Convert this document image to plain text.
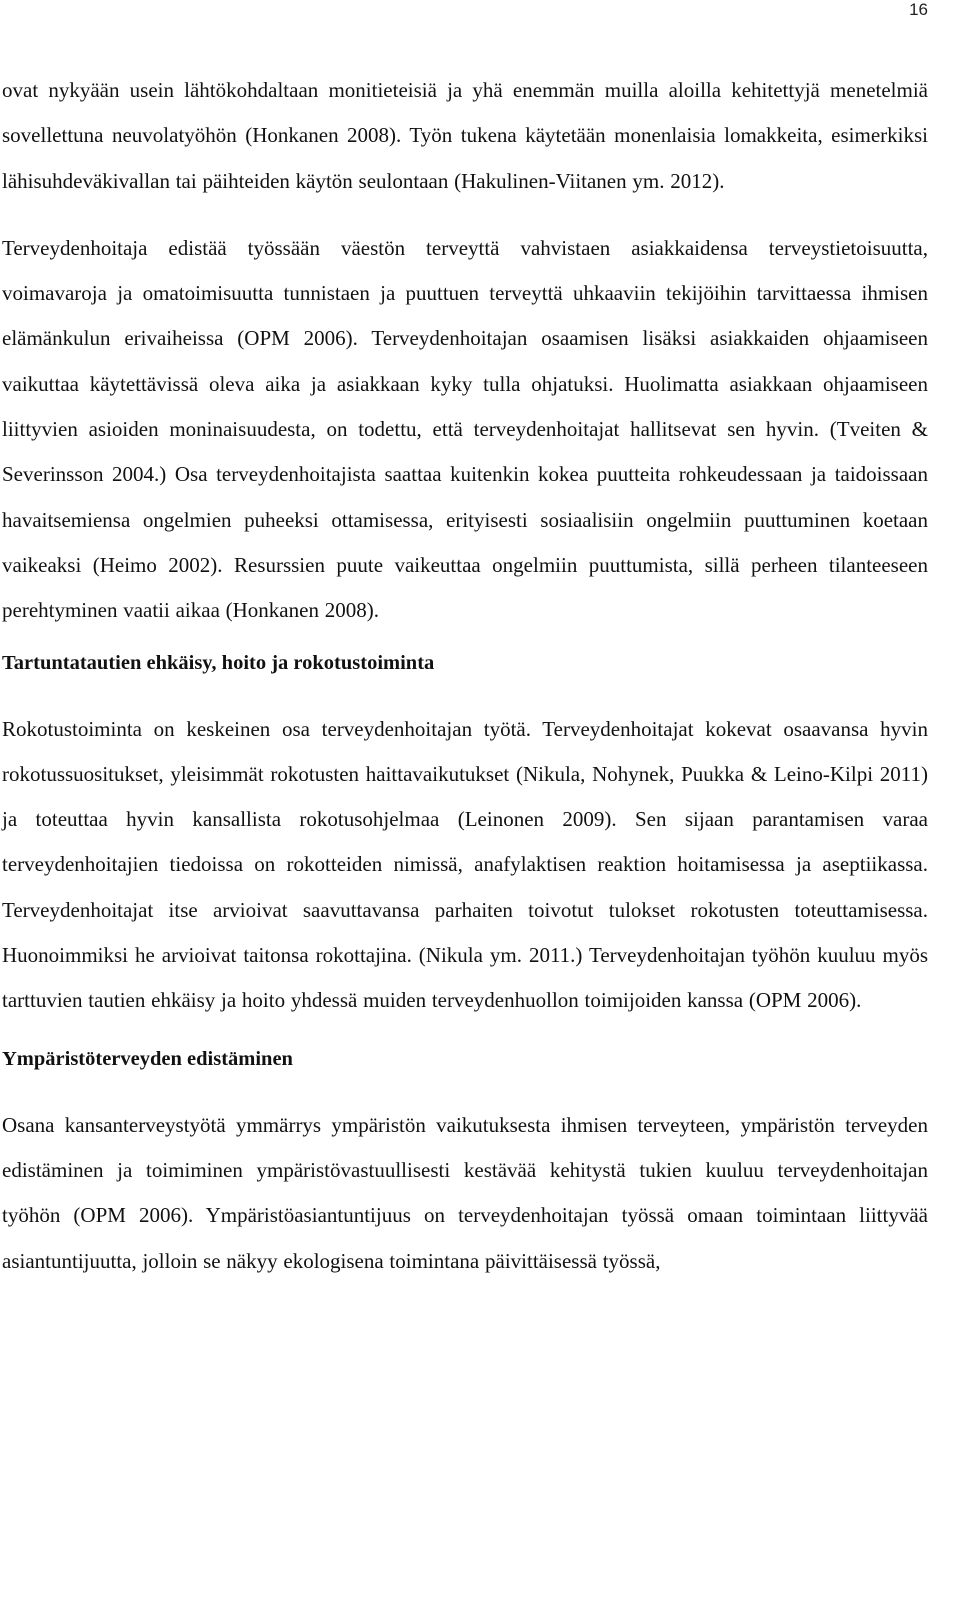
16

ovat nykyään usein lähtökohdaltaan monitieteisiä ja yhä enemmän muilla aloilla kehitettyjä menetelmiä sovellettuna neuvolatyöhön (Honkanen 2008). Työn tukena käytetään monenlaisia lomakkeita, esimerkiksi lähisuhdeväkivallan tai päihteiden käytön seulontaan (Hakulinen-Viitanen ym. 2012).

Terveydenhoitaja edistää työssään väestön terveyttä vahvistaen asiakkaidensa terveystietoisuutta, voimavaroja ja omatoimisuutta tunnistaen ja puuttuen terveyttä uhkaaviin tekijöihin tarvittaessa ihmisen elämänkulun erivaiheissa (OPM 2006). Terveydenhoitajan osaamisen lisäksi asiakkaiden ohjaamiseen vaikuttaa käytettävissä oleva aika ja asiakkaan kyky tulla ohjatuksi. Huolimatta asiakkaan ohjaamiseen liittyvien asioiden moninaisuudesta, on todettu, että terveydenhoitajat hallitsevat sen hyvin. (Tveiten & Severinsson 2004.) Osa terveydenhoitajista saattaa kuitenkin kokea puutteita rohkeudessaan ja taidoissaan havaitsemiensa ongelmien puheeksi ottamisessa, erityisesti sosiaalisiin ongelmiin puuttuminen koetaan vaikeaksi (Heimo 2002). Resurssien puute vaikeuttaa ongelmiin puuttumista, sillä perheen tilanteeseen perehtyminen vaatii aikaa (Honkanen 2008).

Tartuntatautien ehkäisy, hoito ja rokotustoiminta

Rokotustoiminta on keskeinen osa terveydenhoitajan työtä. Terveydenhoitajat kokevat osaavansa hyvin rokotussuositukset, yleisimmät rokotusten haittavaikutukset (Nikula, Nohynek, Puukka & Leino-Kilpi 2011) ja toteuttaa hyvin kansallista rokotusohjelmaa (Leinonen 2009). Sen sijaan parantamisen varaa terveydenhoitajien tiedoissa on rokotteiden nimissä, anafylaktisen reaktion hoitamisessa ja aseptiikassa. Terveydenhoitajat itse arvioivat saavuttavansa parhaiten toivotut tulokset rokotusten toteuttamisessa. Huonoimmiksi he arvioivat taitonsa rokottajina. (Nikula ym. 2011.) Terveydenhoitajan työhön kuuluu myös tarttuvien tautien ehkäisy ja hoito yhdessä muiden terveydenhuollon toimijoiden kanssa (OPM 2006).

Ympäristöterveyden edistäminen

Osana kansanterveystyötä ymmärrys ympäristön vaikutuksesta ihmisen terveyteen, ympäristön terveyden edistäminen ja toimiminen ympäristövastuullisesti kestävää kehitystä tukien kuuluu terveydenhoitajan työhön (OPM 2006). Ympäristöasiantuntijuus on terveydenhoitajan työssä omaan toimintaan liittyvää asiantuntijuutta, jolloin se näkyy ekologisena toimintana päivittäisessä työssä,
